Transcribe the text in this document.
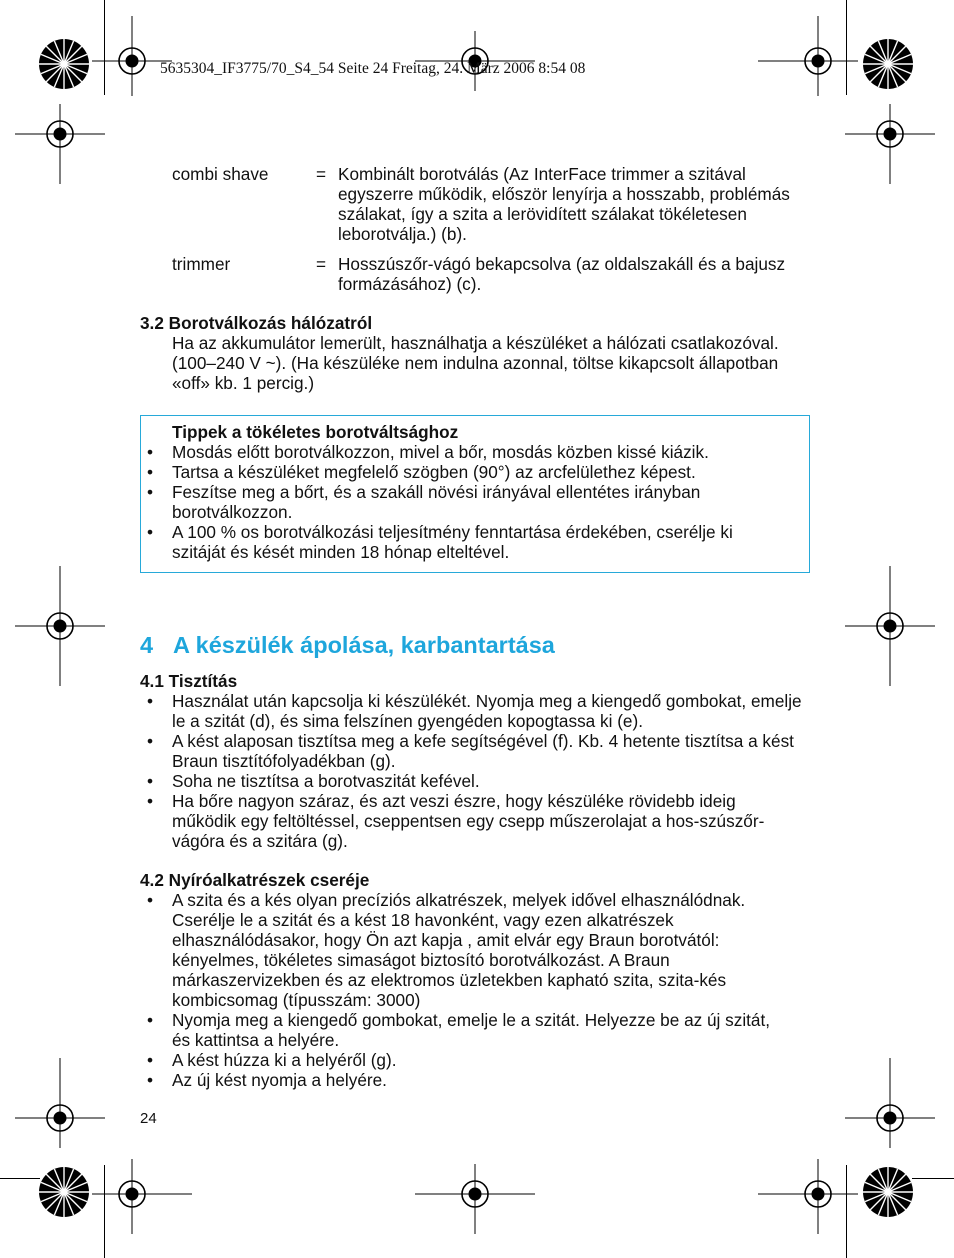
5635304_IF3775/70_S4_54 Seite 24 Freitag, 24. März 2006 8:54 08
combi shave	= Kombinált borotválás (Az InterFace trimmer a szitával egyszerre működik, először lenyírja a hosszabb, problémás szálakat, így a szita a lerövidített szálakat tökéletesen leborotválja.) (b).
trimmer	= Hosszúszőr-vágó bekapcsolva (az oldalszakáll és a bajusz formázásához) (c).
3.2 Borotválkozás hálózatról
Ha az akkumulátor lemerült, használhatja a készüléket a hálózati csatlakozóval. (100–240 V ~). (Ha készüléke nem indulna azonnal, töltse kikapcsolt állapotban «off» kb. 1 percig.)
Tippek a tökéletes borotváltsághoz
• Mosdás előtt borotválkozzon, mivel a bőr, mosdás közben kissé kiázik.
• Tartsa a készüléket megfelelő szögben (90°) az arcfelülethez képest.
• Feszítse meg a bőrt, és a szakáll növési irányával ellentétes irányban borotválkozzon.
• A 100 % os borotválkozási teljesítmény fenntartása érdekében, cserélje ki szitáját és kését minden 18 hónap elteltével.
4 A készülék ápolása, karbantartása
4.1 Tisztítás
• Használat után kapcsolja ki készülékét. Nyomja meg a kiengedő gombokat, emelje le a szitát (d), és sima felszínen gyengéden kopogtassa ki (e).
• A kést alaposan tisztítsa meg a kefe segítségével (f). Kb. 4 hetente tisztítsa a kést Braun tisztítófolyadékban (g).
• Soha ne tisztítsa a borotvaszitát kefével.
• Ha bőre nagyon száraz, és azt veszi észre, hogy készüléke rövidebb ideig működik egy feltöltéssel, cseppentsen egy csepp műszerolajat a hos-szúszőr-vágóra és a szitára (g).
4.2 Nyíróalkatrészek cseréje
• A szita és a kés olyan precíziós alkatrészek, melyek idővel elhasználódnak. Cserélje le a szitát és a kést 18 havonként, vagy ezen alkatrészek elhasználódásakor, hogy Ön azt kapja , amit elvár egy Braun borotvától: kényelmes, tökéletes simaságot biztosító borotválkozást. A Braun márkaszervizekben és az elektromos üzletekben kapható szita, szita-kés kombicsomag (típusszám: 3000)
• Nyomja meg a kiengedő gombokat, emelje le a szitát. Helyezze be az új szitát, és kattintsa a helyére.
• A kést húzza ki a helyéről (g).
• Az új kést nyomja a helyére.
24
